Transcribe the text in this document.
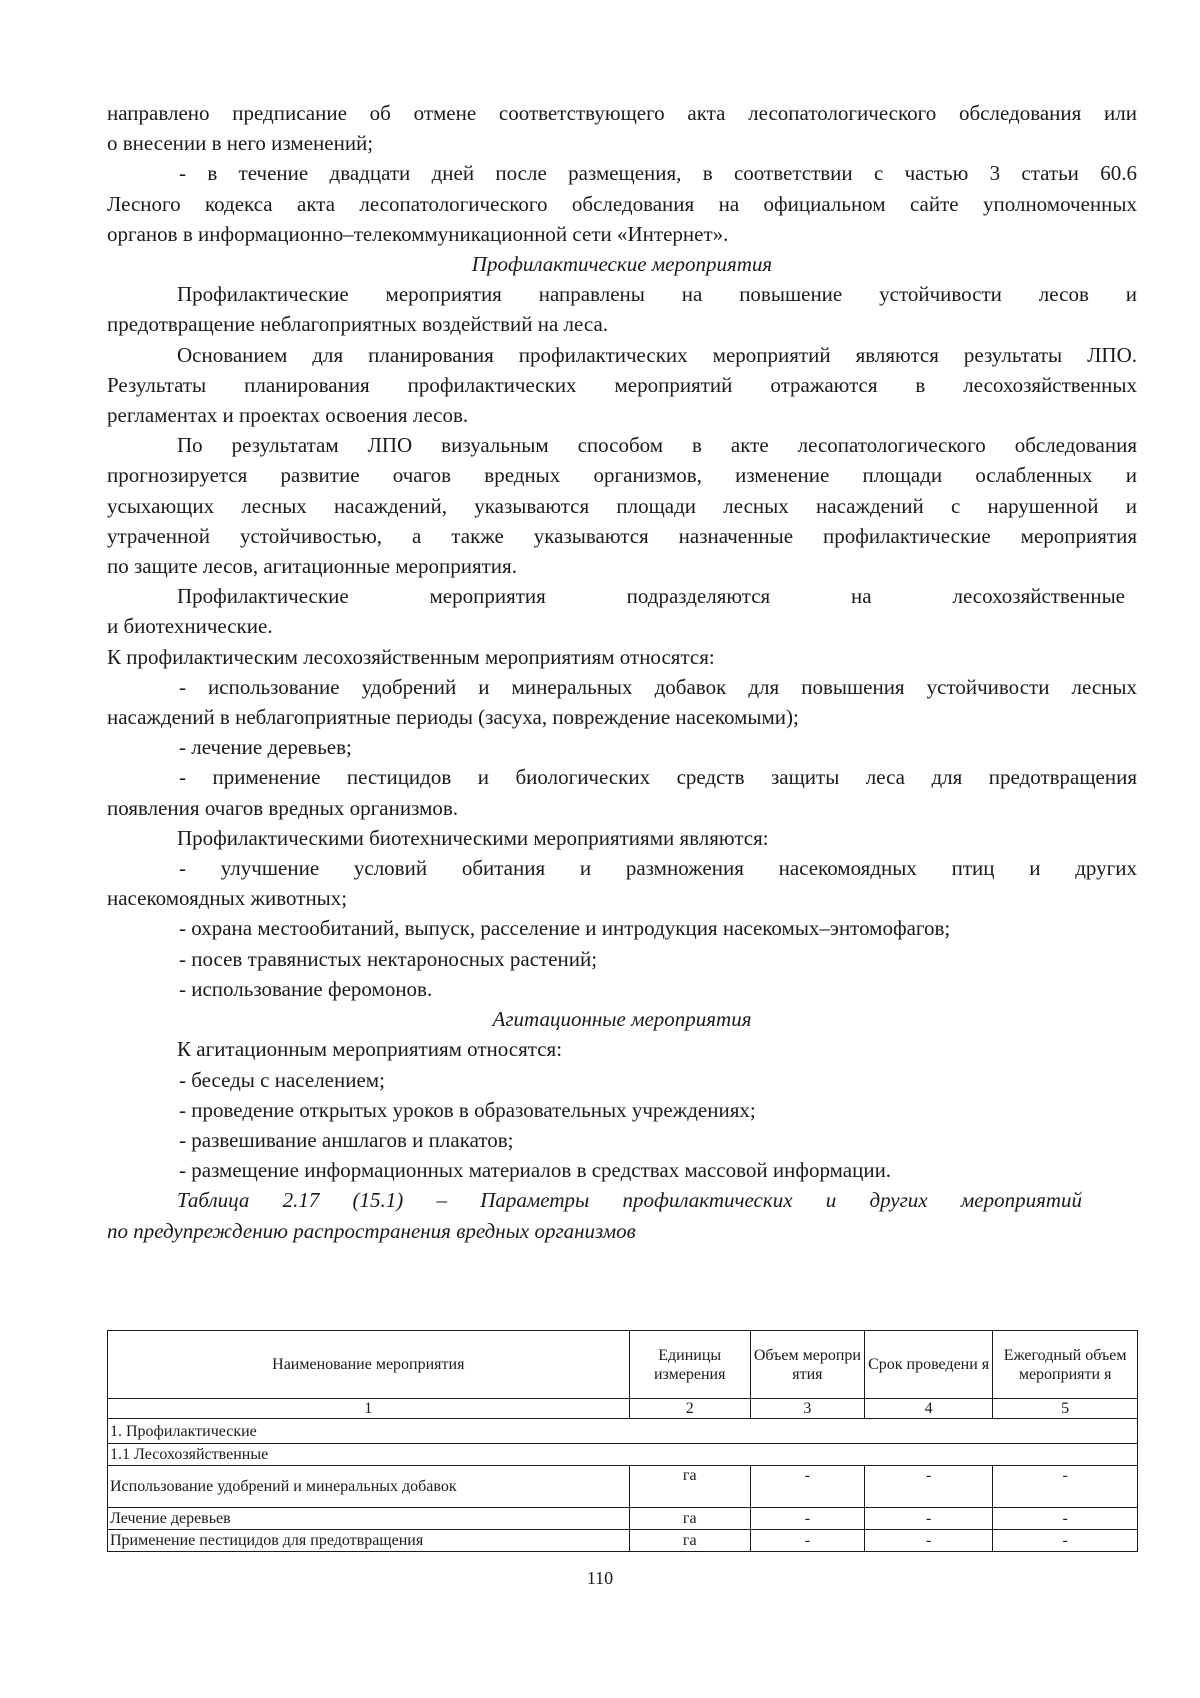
направлено предписание об отмене соответствующего акта лесопатологического обследования или
о внесении в него изменений;
- в течение двадцати дней после размещения, в соответствии с частью 3 статьи 60.6
Лесного кодекса акта лесопатологического обследования на официальном сайте уполномоченных
органов в информационно–телекоммуникационной сети «Интернет».
Профилактические мероприятия
Профилактические мероприятия направлены на повышение устойчивости лесов и
предотвращение неблагоприятных воздействий на леса.
Основанием для планирования профилактических мероприятий являются результаты ЛПО.
Результаты планирования профилактических мероприятий отражаются в лесохозяйственных
регламентах и проектах освоения лесов.
По результатам ЛПО визуальным способом в акте лесопатологического обследования
прогнозируется развитие очагов вредных организмов, изменение площади ослабленных и
усыхающих лесных насаждений, указываются площади лесных насаждений с нарушенной и
утраченной устойчивостью, а также указываются назначенные профилактические мероприятия
по защите лесов, агитационные мероприятия.
Профилактические мероприятия подразделяются на лесохозяйственные
и биотехнические.
К профилактическим лесохозяйственным мероприятиям относятся:
- использование удобрений и минеральных добавок для повышения устойчивости лесных
насаждений в неблагоприятные периоды (засуха, повреждение насекомыми);
- лечение деревьев;
- применение пестицидов и биологических средств защиты леса для предотвращения
появления очагов вредных организмов.
Профилактическими биотехническими мероприятиями являются:
- улучшение условий обитания и размножения насекомоядных птиц и других
насекомоядных животных;
- охрана местообитаний, выпуск, расселение и интродукция насекомых–энтомофагов;
- посев травянистых нектароносных растений;
- использование феромонов.
Агитационные мероприятия
К агитационным мероприятиям относятся:
- беседы с населением;
- проведение открытых уроков в образовательных учреждениях;
- развешивание аншлагов и плакатов;
- размещение информационных материалов в средствах массовой информации.
Таблица 2.17 (15.1) – Параметры профилактических и других мероприятий
по предупреждению распространения вредных организмов
Наименование мероприятия	Единицы измерения	Объем меропри ятия	Срок проведени я	Ежегодный объем мероприяти я
1	2	3	4	5
1. Профилактические				
1.1 Лесохозяйственные				
Использование удобрений и минеральных добавок	га	-	-	-
Лечение деревьев	га	-	-	-
Применение пестицидов для предотвращения	га	-	-	-
110
